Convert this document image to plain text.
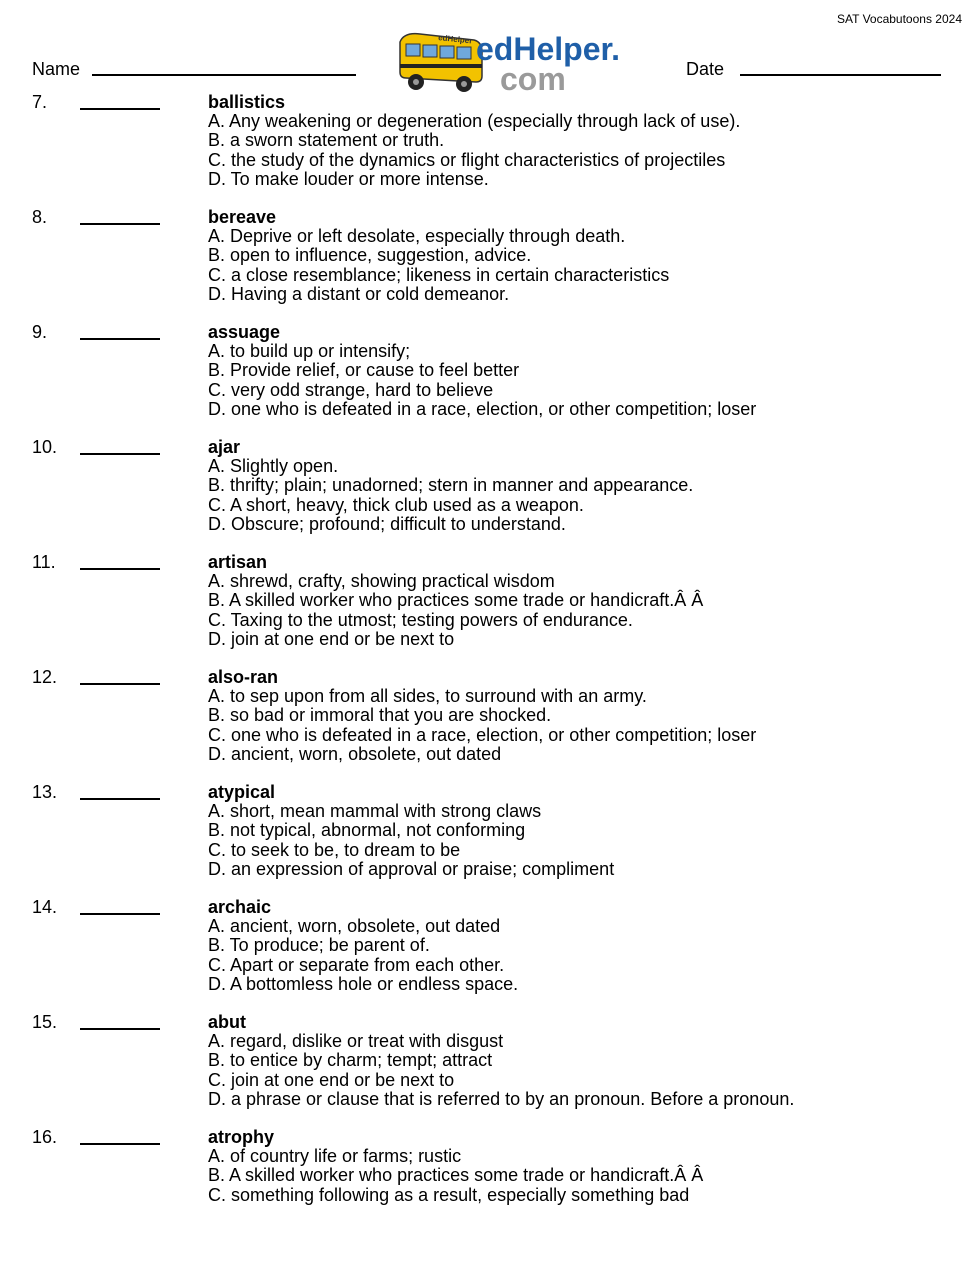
SAT Vocabutoons 2024
Name
edHelper edHelper.
com	Date
7.	ballistics
A. Any weakening or degeneration (especially through lack of use).
B. a sworn statement or truth.
C. the study of the dynamics or flight characteristics of projectiles
D. To make louder or more intense.
8.	bereave
A. Deprive or left desolate, especially through death.
B. open to influence, suggestion, advice.
C. a close resemblance; likeness in certain characteristics
D. Having a distant or cold demeanor.
9.	assuage
A. to build up or intensify;
B. Provide relief, or cause to feel better
C. very odd strange, hard to believe
D. one who is defeated in a race, election, or other competition; loser
10.	ajar
A. Slightly open.
B. thrifty; plain; unadorned; stern in manner and appearance.
C. A short, heavy, thick club used as a weapon.
D. Obscure; profound; difficult to understand.
11.	artisan
A. shrewd, crafty, showing practical wisdom
B. A skilled worker who practices some trade or handicraft.Â Â
C. Taxing to the utmost; testing powers of endurance.
D. join at one end or be next to
12.	also-ran
A. to sep upon from all sides, to surround with an army.
B. so bad or immoral that you are shocked.
C. one who is defeated in a race, election, or other competition; loser
D. ancient, worn, obsolete, out dated
13.	atypical
A. short, mean mammal with strong claws
B. not typical, abnormal, not conforming
C. to seek to be, to dream to be
D. an expression of approval or praise; compliment
14.	archaic
A. ancient, worn, obsolete, out dated
B. To produce; be parent of.
C. Apart or separate from each other.
D. A bottomless hole or endless space.
15.	abut
A. regard, dislike or treat with disgust
B. to entice by charm; tempt; attract
C. join at one end or be next to
D. a phrase or clause that is referred to by an pronoun. Before a pronoun.
16.	atrophy
A. of country life or farms; rustic
B. A skilled worker who practices some trade or handicraft.Â Â
C. something following as a result, especially something bad
